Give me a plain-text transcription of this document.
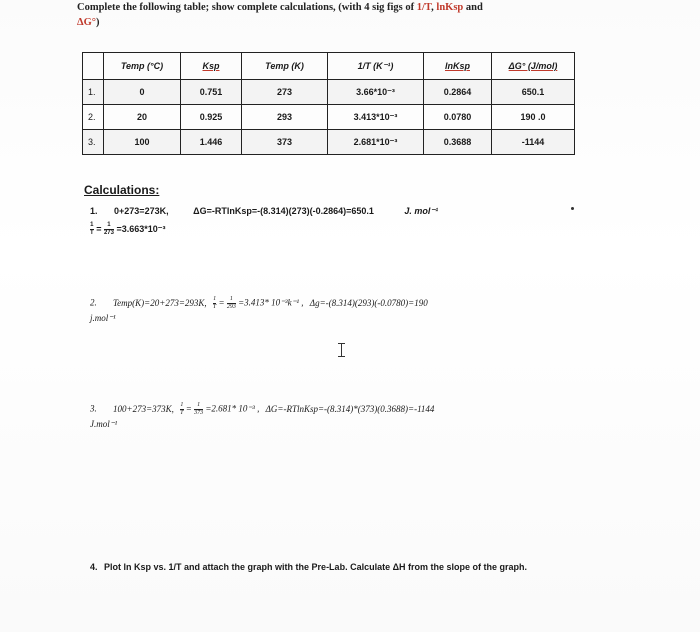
Complete the following table; show complete calculations, (with 4 sig figs of 1/T, lnKsp and
ΔG°)
	Temp (°C)	Ksp	Temp (K)	1/T (K⁻¹)	lnKsp	ΔG° (J/mol)
1.	0	0.751	273	3.66*10⁻³	0.2864	650.1
2.	20	0.925	293	3.413*10⁻³	0.0780	190 .0
3.	100	1.446	373	2.681*10⁻³	0.3688	-1144
Calculations:
1. 0+273=273K,	ΔG=-RTlnKsp=-(8.314)(273)(-0.2864)=650.1	J. mol⁻¹
$\frac{1}{T} = \frac{1}{273} =3.663*10^{-3}$
2. Temp(K)=20+273=293K, $\frac{1}{T} = \frac{1}{293} =3.413*$ 10⁻³k⁻¹ , Δg=-(8.314)(293)(-0.0780)=190
j.mol⁻¹
3. 100+273=373K, $\frac{1}{T} = \frac{1}{373} =2.681*$ 10⁻³ , ΔG=-RTlnKsp=-(8.314)*(373)(0.3688)=-1144
J.mol⁻¹
4. Plot ln Ksp vs. 1/T and attach the graph with the Pre-Lab. Calculate ΔH from the slope of the graph.
